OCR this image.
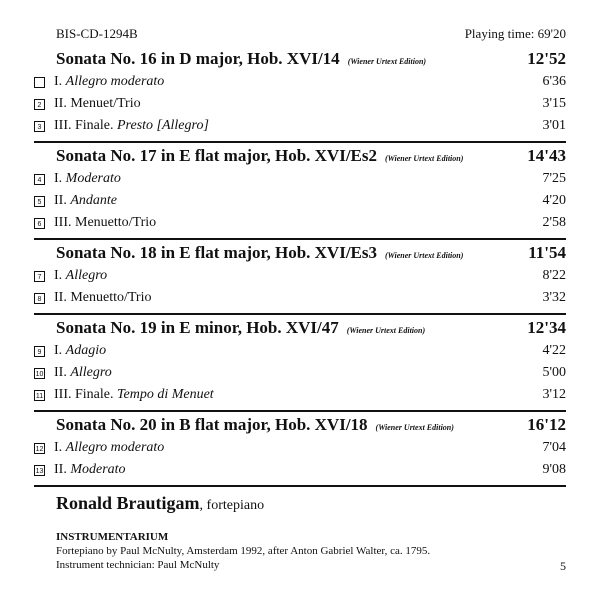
BIS-CD-1294B	Playing time: 69'20
Sonata No. 16 in D major, Hob. XVI/14 (Wiener Urtext Edition)	12'52
I. Allegro moderato	6'36
2 II. Menuet/Trio	3'15
3 III. Finale. Presto [Allegro]	3'01
Sonata No. 17 in E flat major, Hob. XVI/Es2 (Wiener Urtext Edition)	14'43
4 I. Moderato	7'25
5 II. Andante	4'20
6 III. Menuetto/Trio	2'58
Sonata No. 18 in E flat major, Hob. XVI/Es3 (Wiener Urtext Edition)	11'54
7 I. Allegro	8'22
8 II. Menuetto/Trio	3'32
Sonata No. 19 in E minor, Hob. XVI/47 (Wiener Urtext Edition)	12'34
9 I. Adagio	4'22
10 II. Allegro	5'00
11 III. Finale. Tempo di Menuet	3'12
Sonata No. 20 in B flat major, Hob. XVI/18 (Wiener Urtext Edition)	16'12
12 I. Allegro moderato	7'04
13 II. Moderato	9'08
Ronald Brautigam, fortepiano
INSTRUMENTARIUM
Fortepiano by Paul McNulty, Amsterdam 1992, after Anton Gabriel Walter, ca. 1795.
Instrument technician: Paul McNulty	5
